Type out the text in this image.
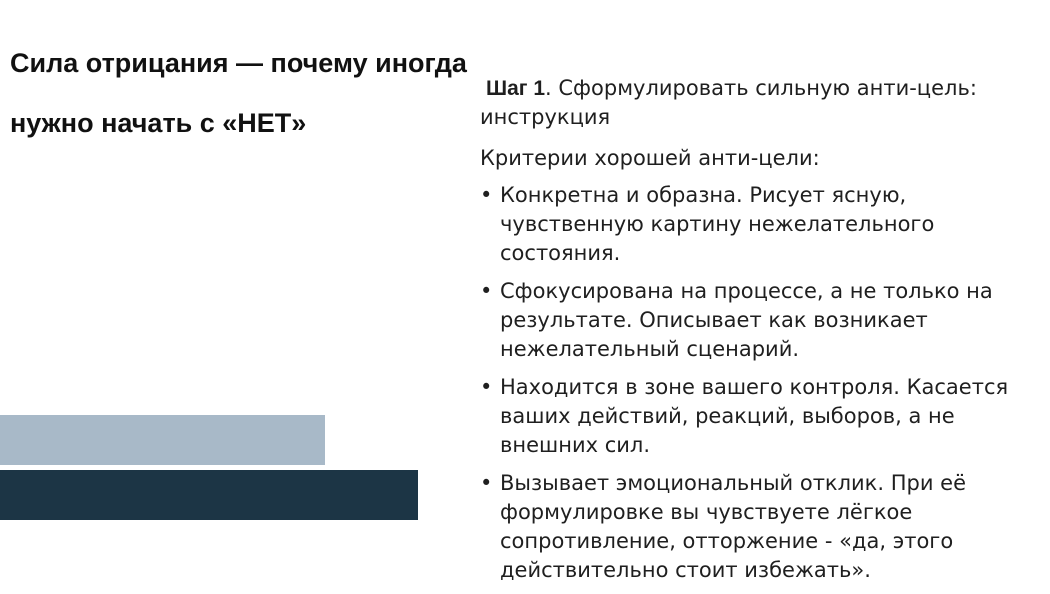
Сила отрицания — почему иногда
нужно начать с «НЕТ»

Шаг 1. Сформулировать сильную анти-цель: инструкция

Критерии хорошей анти-цели:

• Конкретна и образна. Рисует ясную, чувственную картину нежелательного состояния.
• Сфокусирована на процессе, а не только на результате. Описывает как возникает нежелательный сценарий.
• Находится в зоне вашего контроля. Касается ваших действий, реакций, выборов, а не внешних сил.
• Вызывает эмоциональный отклик. При её формулировке вы чувствуете лёгкое сопротивление, отторжение - «да, этого действительно стоит избежать».
